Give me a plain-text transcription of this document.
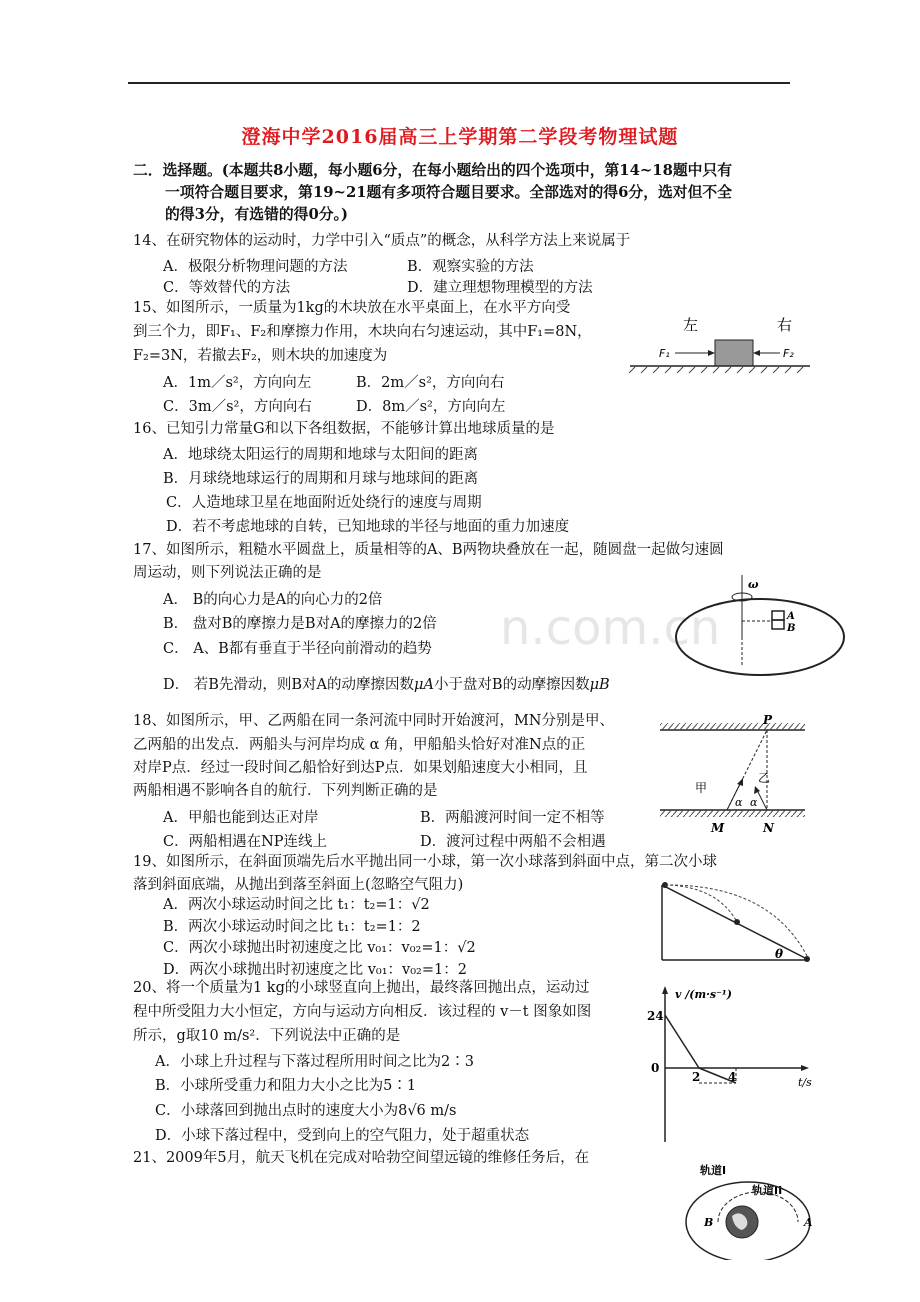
澄海中学2016届高三上学期第二学段考物理试题
n.com.cn
二．选择题。(本题共8小题，每小题6分，在每小题给出的四个选项中，第14~18题中只有
一项符合题目要求，第19~21题有多项符合题目要求。全部选对的得6分，选对但不全
的得3分，有选错的得0分。)
14、在研究物体的运动时，力学中引入“质点”的概念，从科学方法上来说属于
A．极限分析物理问题的方法	B．观察实验的方法
C．等效替代的方法	D．建立理想物理模型的方法
15、如图所示，一质量为1kg的木块放在水平桌面上，在水平方向受
到三个力，即F₁、F₂和摩擦力作用，木块向右匀速运动，其中F₁=8N，
F₂=3N，若撤去F₂，则木块的加速度为
A．1m／s²，方向向左	B．2m／s²，方向向右
C．3m／s²，方向向右	D．8m／s²，方向向左
左	右
F₁	F₂
16、已知引力常量G和以下各组数据，不能够计算出地球质量的是
A．地球绕太阳运行的周期和地球与太阳间的距离
B．月球绕地球运行的周期和月球与地球间的距离
C．人造地球卫星在地面附近处绕行的速度与周期
D．若不考虑地球的自转，已知地球的半径与地面的重力加速度
17、如图所示，粗糙水平圆盘上，质量相等的A、B两物块叠放在一起，随圆盘一起做匀速圆
周运动，则下列说法正确的是
A． B的向心力是A的向心力的2倍
B． 盘对B的摩擦力是B对A的摩擦力的2倍
C． A、B都有垂直于半径向前滑动的趋势
D． 若B先滑动，则B对A的动摩擦因数μA小于盘对B的动摩擦因数μB
ω
A
B
18、如图所示，甲、乙两船在同一条河流中同时开始渡河，MN分别是甲、
乙两船的出发点．两船头与河岸均成 α 角，甲船船头恰好对准N点的正
对岸P点．经过一段时间乙船恰好到达P点．如果划船速度大小相同，且
两船相遇不影响各自的航行．下列判断正确的是
A．甲船也能到达正对岸	B．两船渡河时间一定不相等
C．两船相遇在NP连线上	D．渡河过程中两船不会相遇
P
M	N
甲
乙
α α
19、如图所示，在斜面顶端先后水平抛出同一小球，第一次小球落到斜面中点，第二次小球
落到斜面底端，从抛出到落至斜面上(忽略空气阻力)
A．两次小球运动时间之比 t₁：t₂=1：√2
B．两次小球运动时间之比 t₁：t₂=1：2
C．两次小球抛出时初速度之比 v₀₁：v₀₂=1：√2
D．两次小球抛出时初速度之比 v₀₁：v₀₂=1：2
θ
20、将一个质量为1 kg的小球竖直向上抛出，最终落回抛出点，运动过
程中所受阻力大小恒定，方向与运动方向相反．该过程的 v－t 图象如图
所示，g取10 m/s²．下列说法中正确的是
A．小球上升过程与下落过程所用时间之比为2∶3
B．小球所受重力和阻力大小之比为5∶1
C．小球落回到抛出点时的速度大小为8√6 m/s
D．小球下落过程中，受到向上的空气阻力，处于超重状态
v /(m·s⁻¹)
24
0
2 4	t/s
21、2009年5月，航天飞机在完成对哈勃空间望远镜的维修任务后，在
轨道I
轨道II
B	A
